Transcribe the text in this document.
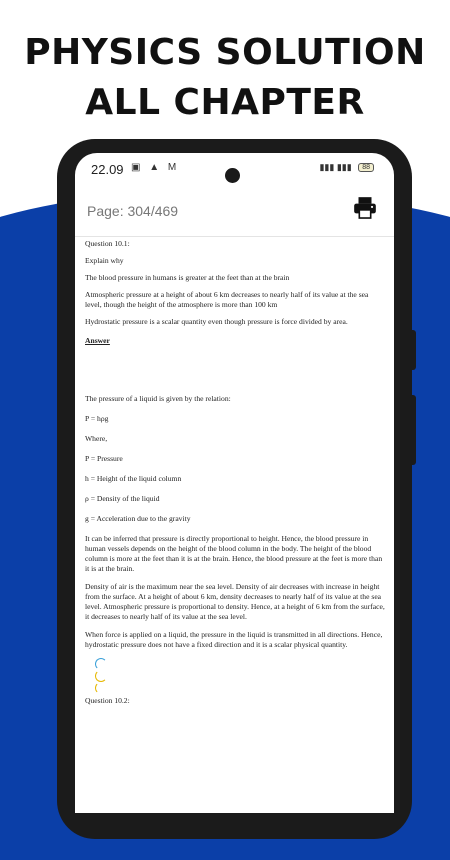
PHYSICS SOLUTION
ALL CHAPTER
22.09 ▣ ▲ M	▮▮▮ ▮▮▮ 88
Page: 304/469

Question 10.1:

Explain why

The blood pressure in humans is greater at the feet than at the brain

Atmospheric pressure at a height of about 6 km decreases to nearly half of its value at the sea level, though the height of the atmosphere is more than 100 km

Hydrostatic pressure is a scalar quantity even though pressure is force divided by area.

Answer

The pressure of a liquid is given by the relation:

P = hρg

Where,

P = Pressure

h = Height of the liquid column

ρ = Density of the liquid

g = Acceleration due to the gravity

It can be inferred that pressure is directly proportional to height. Hence, the blood pressure in human vessels depends on the height of the blood column in the body. The height of the blood column is more at the feet than it is at the brain. Hence, the blood pressure at the feet is more than it is at the brain.

Density of air is the maximum near the sea level. Density of air decreases with increase in height from the surface. At a height of about 6 km, density decreases to nearly half of its value at the sea level. Atmospheric pressure is proportional to density. Hence, at a height of 6 km from the surface, it decreases to nearly half of its value at the sea level.

When force is applied on a liquid, the pressure in the liquid is transmitted in all directions. Hence, hydrostatic pressure does not have a fixed direction and it is a scalar physical quantity.

Question 10.2:
